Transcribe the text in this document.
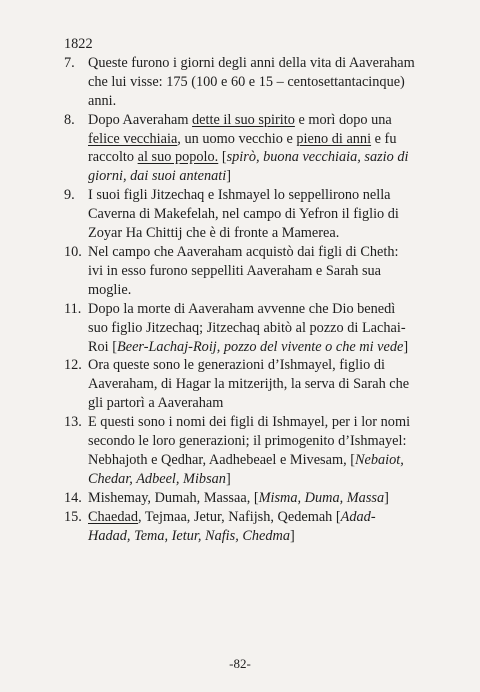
1822
7. Queste furono i giorni degli anni della vita di Aaveraham che lui visse: 175 (100 e 60 e 15 – centosettantacinque) anni.
8. Dopo Aaveraham dette il suo spirito e morì dopo una felice vecchiaia, un uomo vecchio e pieno di anni e fu raccolto al suo popolo. [spirò, buona vecchiaia, sazio di giorni, dai suoi antenati]
9. I suoi figli Jitzechaq e Ishmayel lo seppellirono nella Caverna di Makefelah, nel campo di Yefron il figlio di Zoyar Ha Chittij che è di fronte a Mamerea.
10. Nel campo che Aaveraham acquistò dai figli di Cheth: ivi in esso furono seppelliti Aaveraham e Sarah sua moglie.
11. Dopo la morte di Aaveraham avvenne che Dio benedì suo figlio Jitzechaq; Jitzechaq abitò al pozzo di Lachai- Roi [Beer-Lachaj-Roij, pozzo del vivente o che mi vede]
12. Ora queste sono le generazioni d’Ishmayel, figlio di Aaveraham, di Hagar la mitzerijth, la serva di Sarah che gli partorì a Aaveraham
13. E questi sono i nomi dei figli di Ishmayel, per i lor nomi secondo le loro generazioni; il primogenito d’Ishmayel: Nebhajoth e Qedhar, Aadhebeael e Mivesam, [Nebaiot, Chedar, Adbeel, Mibsan]
14. Mishemay, Dumah, Massaa, [Misma, Duma, Massa]
15. Chaedad, Tejmaa, Jetur, Nafijsh, Qedemah [Adad-Hadad, Tema, Ietur, Nafis, Chedma]
-82-
